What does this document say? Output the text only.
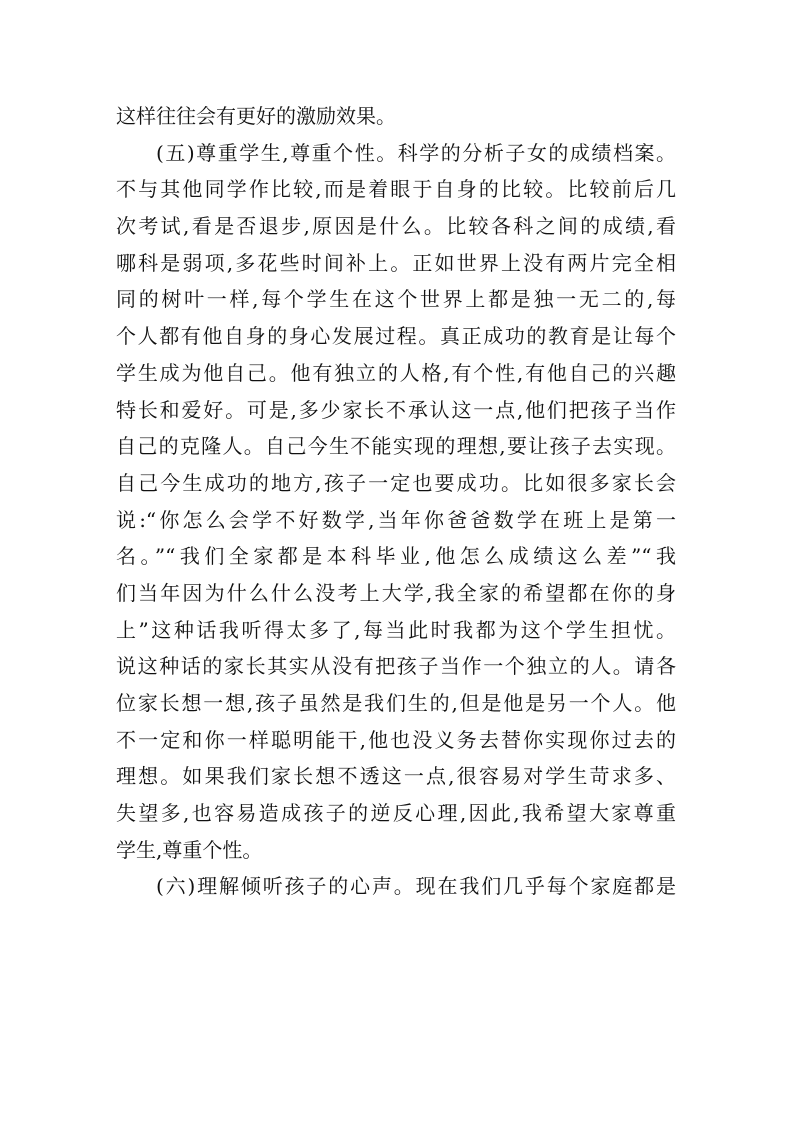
这样往往会有更好的激励效果。
(五)尊重学生,尊重个性。科学的分析子女的成绩档案。
不与其他同学作比较,而是着眼于自身的比较。比较前后几
次考试,看是否退步,原因是什么。比较各科之间的成绩,看
哪科是弱项,多花些时间补上。正如世界上没有两片完全相
同的树叶一样,每个学生在这个世界上都是独一无二的,每
个人都有他自身的身心发展过程。真正成功的教育是让每个
学生成为他自己。他有独立的人格,有个性,有他自己的兴趣
特长和爱好。可是,多少家长不承认这一点,他们把孩子当作
自己的克隆人。自己今生不能实现的理想,要让孩子去实现。
自己今生成功的地方,孩子一定也要成功。比如很多家长会
说:“你怎么会学不好数学,当年你爸爸数学在班上是第一
名。”“我们全家都是本科毕业,他怎么成绩这么差”“我
们当年因为什么什么没考上大学,我全家的希望都在你的身
上”这种话我听得太多了,每当此时我都为这个学生担忧。
说这种话的家长其实从没有把孩子当作一个独立的人。请各
位家长想一想,孩子虽然是我们生的,但是他是另一个人。他
不一定和你一样聪明能干,他也没义务去替你实现你过去的
理想。如果我们家长想不透这一点,很容易对学生苛求多、
失望多,也容易造成孩子的逆反心理,因此,我希望大家尊重
学生,尊重个性。
(六)理解倾听孩子的心声。现在我们几乎每个家庭都是
